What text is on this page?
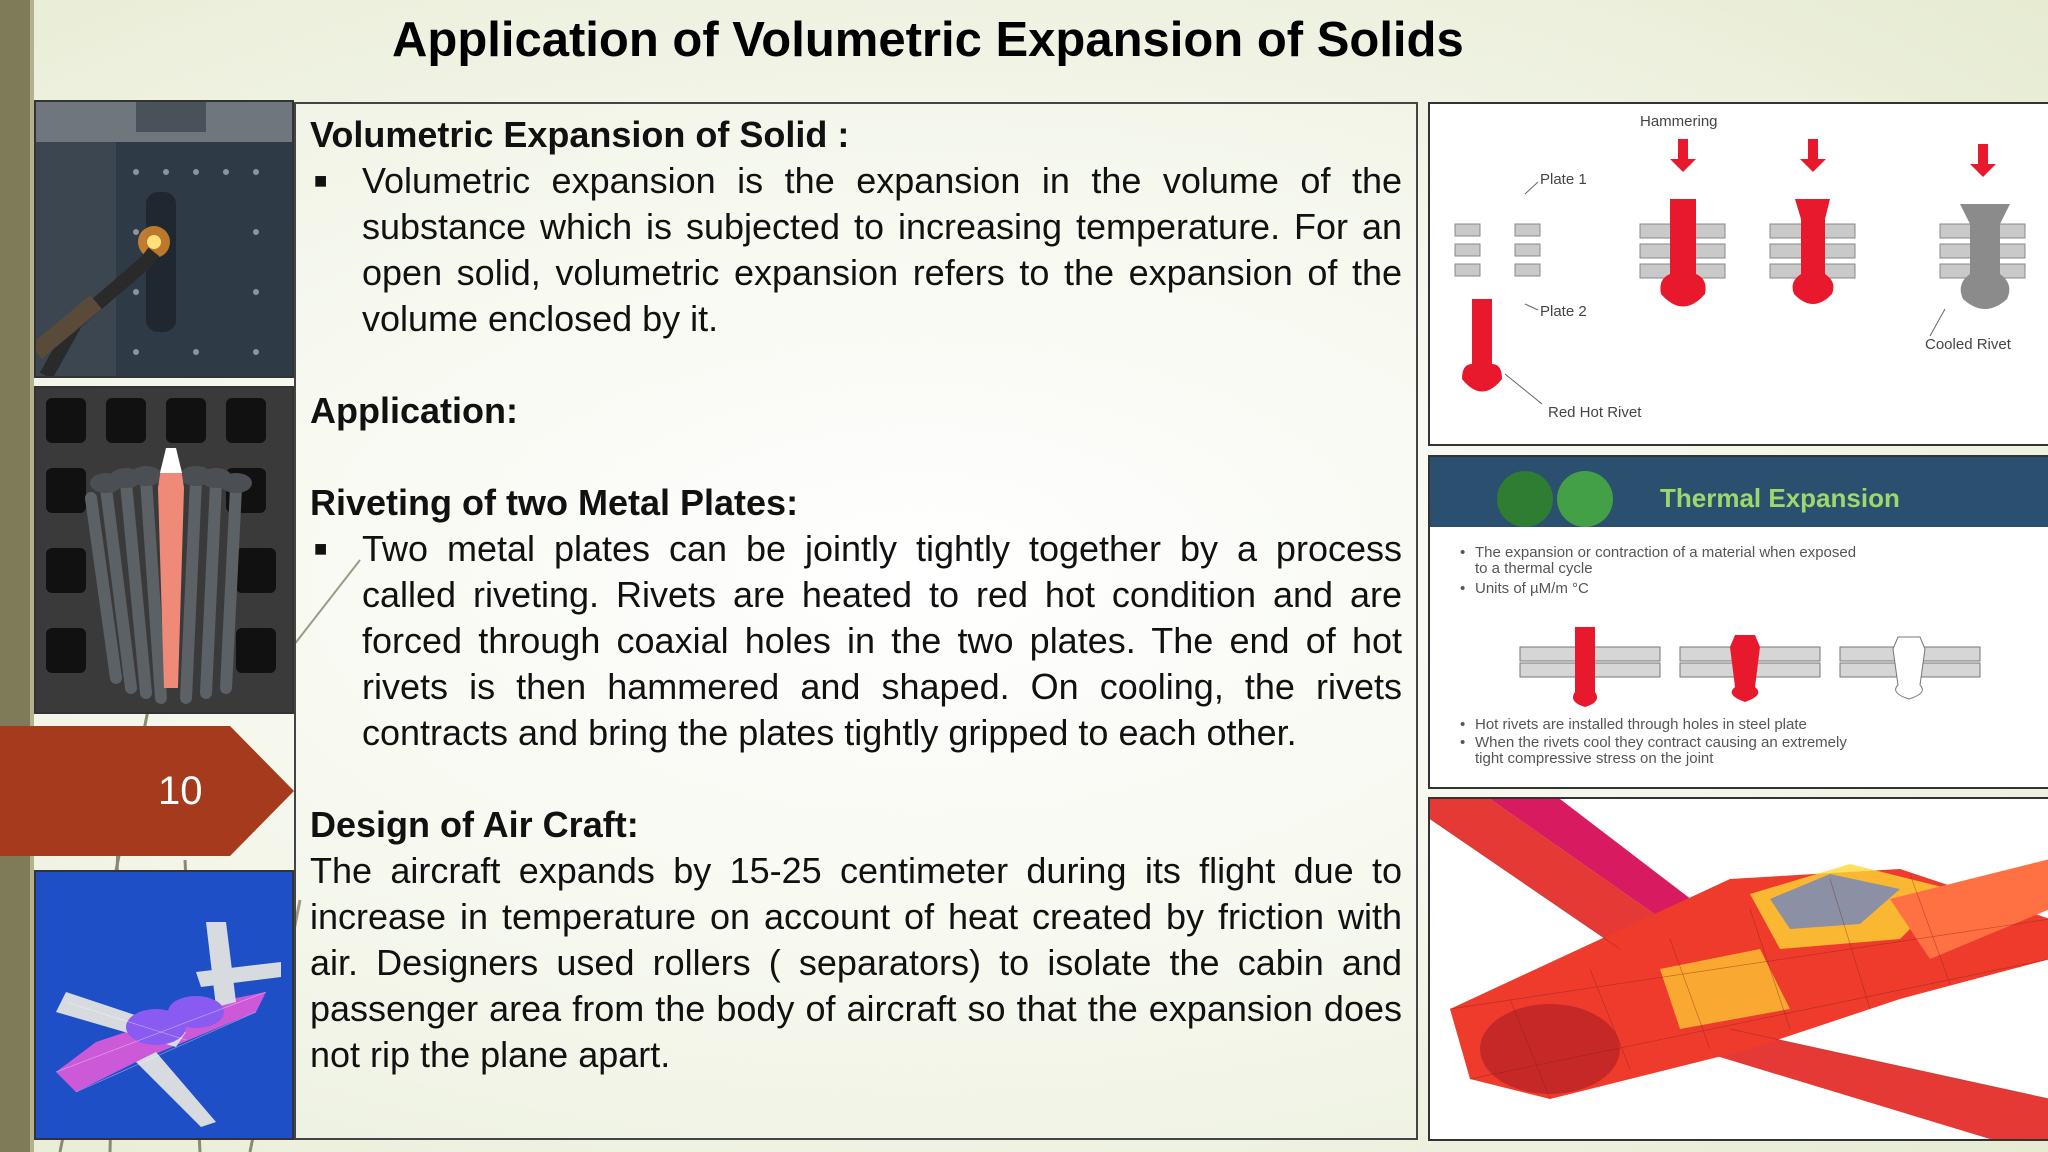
Application of Volumetric Expansion of Solids
10

Volumetric Expansion of Solid :

■ Volumetric expansion is the expansion in the volume of the substance which is subjected to increasing temperature. For an open solid, volumetric expansion refers to the expansion of the volume enclosed by it.

Application:

Riveting of two Metal Plates:

■ Two metal plates can be jointly tightly together by a process called riveting. Rivets are heated to red hot condition and are forced through coaxial holes in the two plates. The end of hot rivets is then hammered and shaped. On cooling, the rivets contracts and bring the plates tightly gripped to each other.

Design of Air Craft:

The aircraft expands by 15-25 centimeter during its flight due to increase in temperature on account of heat created by friction with air. Designers used rollers ( separators) to isolate the cabin and passenger area from the body of aircraft so that the expansion does not rip the plane apart.

Hammering
Plate 1
Plate 2
Red Hot Rivet
Cooled Rivet
Thermal Expansion
The expansion or contraction of a material when exposed
to a thermal cycle
Units of µM/m °C
Hot rivets are installed through holes in steel plate
When the rivets cool they contract causing an extremely
tight compressive stress on the joint
•
•
•
•
